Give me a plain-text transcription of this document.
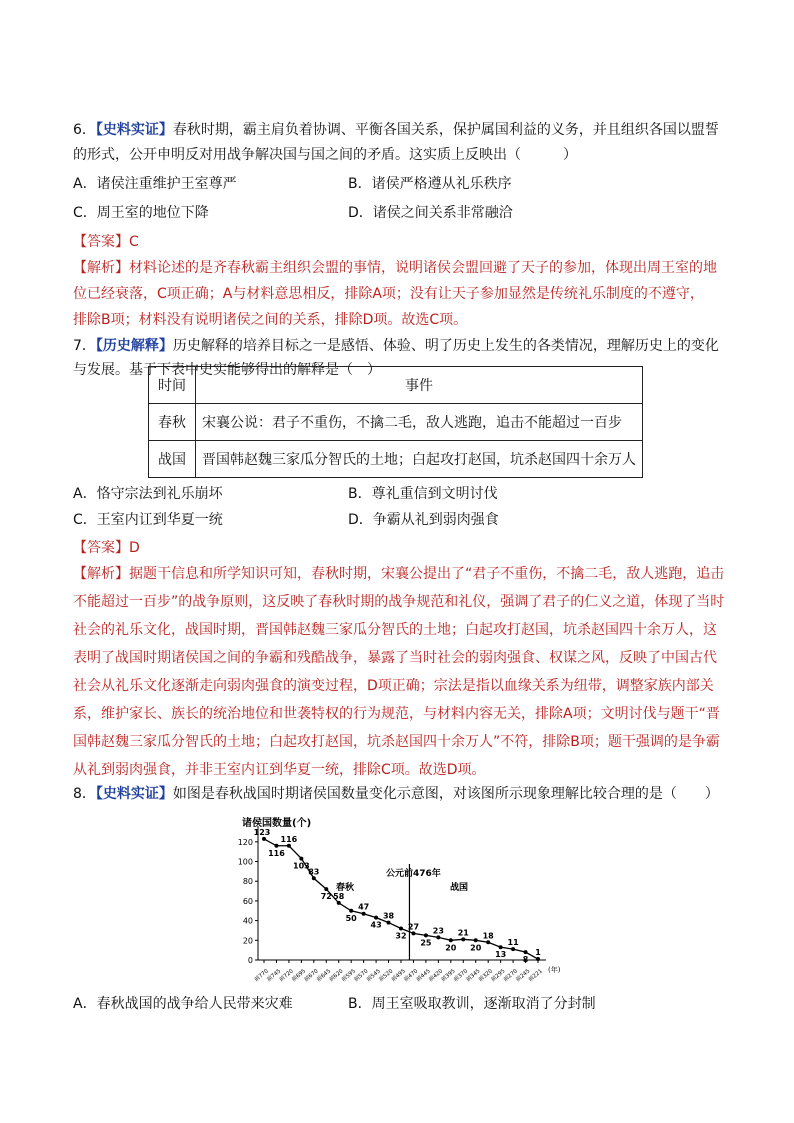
6．【史料实证】春秋时期，霸主肩负着协调、平衡各国关系，保护属国利益的义务，并且组织各国以盟誓
的形式，公开申明反对用战争解决国与国之间的矛盾。这实质上反映出（　　　）
A．诸侯注重维护王室尊严	B．诸侯严格遵从礼乐秩序
C．周王室的地位下降	D．诸侯之间关系非常融洽
【答案】C
【解析】材料论述的是齐春秋霸主组织会盟的事情，说明诸侯会盟回避了天子的参加，体现出周王室的地
位已经衰落，C项正确；A与材料意思相反，排除A项；没有让天子参加显然是传统礼乐制度的不遵守，
排除B项；材料没有说明诸侯之间的关系，排除D项。故选C项。
7．【历史解释】历史解释的培养目标之一是感悟、体验、明了历史上发生的各类情况，理解历史上的变化
与发展。基于下表中史实能够得出的解释是（　）
时间	事件
春秋	宋襄公说：君子不重伤，不擒二毛，敌人逃跑，追击不能超过一百步
战国	晋国韩赵魏三家瓜分智氏的土地；白起攻打赵国，坑杀赵国四十余万人
A．恪守宗法到礼乐崩坏	B．尊礼重信到文明讨伐
C．王室内讧到华夏一统	D．争霸从礼到弱肉强食
【答案】D
【解析】据题干信息和所学知识可知，春秋时期，宋襄公提出了“君子不重伤，不擒二毛，敌人逃跑，追击
不能超过一百步”的战争原则，这反映了春秋时期的战争规范和礼仪，强调了君子的仁义之道，体现了当时
社会的礼乐文化，战国时期，晋国韩赵魏三家瓜分智氏的土地；白起攻打赵国，坑杀赵国四十余万人，这
表明了战国时期诸侯国之间的争霸和残酷战争，暴露了当时社会的弱肉强食、权谋之风，反映了中国古代
社会从礼乐文化逐渐走向弱肉强食的演变过程，D项正确；宗法是指以血缘关系为纽带，调整家族内部关
系，维护家长、族长的统治地位和世袭特权的行为规范，与材料内容无关，排除A项；文明讨伐与题干“晋
国韩赵魏三家瓜分智氏的土地；白起攻打赵国，坑杀赵国四十余万人”不符，排除B项；题干强调的是争霸
从礼到弱肉强食，并非王室内讧到华夏一统，排除C项。故选D项。
8．【史料实证】如图是春秋战国时期诸侯国数量变化示意图，对该图所示现象理解比较合理的是（　　）
诸侯国数量(个)
0
20
40
60
80
100
120
前770
前745
前720
前695
前670
前645
前620
前595
前570
前545
前520
前495
前470
前445
前420
前395
前370
前345
前320
前295
前270
前245
前221
123
116
116
103
83
72 58
50
47
43
38
32
27
25
23
20
21
20
18
13
11
8
1
公元前476年
春秋	战国
(年)
A．春秋战国的战争给人民带来灾难	B．周王室吸取教训，逐渐取消了分封制
